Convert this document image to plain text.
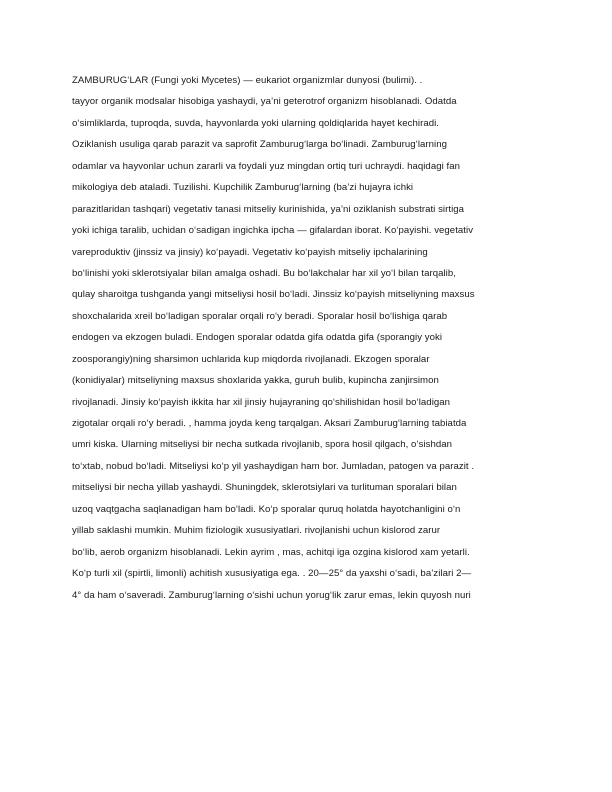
ZAMBURUG‘LAR (Fungi yoki Mycetes) — eukariot organizmlar dunyosi (bulimi). .
tayyor organik modsalar hisobiga yashaydi, ya’ni geterotrof organizm hisoblanadi. Odatda
o‘simliklarda, tuproqda, suvda, hayvonlarda yoki ularning qoldiqlarida hayet kechiradi.
Oziklanish usuliga qarab parazit va saprofit Zamburug‘larga bo‘linadi. Zamburug‘larning
odamlar va hayvonlar uchun zararli va foydali yuz mingdan ortiq turi uchraydi. haqidagi fan
mikologiya deb ataladi. Tuzilishi. Kupchilik Zamburug‘larning (ba’zi hujayra ichki
parazitlaridan tashqari) vegetativ tanasi mitseliy kurinishida, ya’ni oziklanish substrati sirtiga
yoki ichiga taralib, uchidan o‘sadigan ingichka ipcha — gifalardan iborat. Ko‘payishi. vegetativ
vareproduktiv (jinssiz va jinsiy) ko‘payadi. Vegetativ ko‘payish mitseliy ipchalarining
bo‘linishi yoki sklerotsiyalar bilan amalga oshadi. Bu bo‘lakchalar har xil yo‘l bilan tarqalib,
qulay sharoitga tushganda yangi mitseliysi hosil bo‘ladi. Jinssiz ko‘payish mitseliyning maxsus
shoxchalarida xreil bo‘ladigan sporalar orqali ro‘y beradi. Sporalar hosil bo‘lishiga qarab
endogen va ekzogen buladi. Endogen sporalar odatda gifa odatda gifa (sporangiy yoki
zoosporangiy)ning sharsimon uchlarida kup miqdorda rivojlanadi. Ekzogen sporalar
(konidiyalar) mitseliyning maxsus shoxlarida yakka, guruh bulib, kupincha zanjirsimon
rivojlanadi. Jinsiy ko‘payish ikkita har xil jinsiy hujayraning qo‘shilishidan hosil bo‘ladigan
zigotalar orqali ro‘y beradi. , hamma joyda keng tarqalgan. Aksari Zamburug‘larning tabiatda
umri kiska. Ularning mitseliysi bir necha sutkada rivojlanib, spora hosil qilgach, o‘sishdan
to‘xtab, nobud bo‘ladi. Mitseliysi ko‘p yil yashaydigan ham bor. Jumladan, patogen va parazit .
mitseliysi bir necha yillab yashaydi. Shuningdek, sklerotsiylari va turlituman sporalari bilan
uzoq vaqtgacha saqlanadigan ham bo‘ladi. Ko‘p sporalar quruq holatda hayotchanligini o‘n
yillab saklashi mumkin. Muhim fiziologik xususiyatlari. rivojlanishi uchun kislorod zarur
bo‘lib, aerob organizm hisoblanadi. Lekin ayrim , mas, achitqi iga ozgina kislorod xam yetarli.
Ko‘p turli xil (spirtli, limonli) achitish xususiyatiga ega. . 20—25° da yaxshi o‘sadi, ba’zilari 2—
4° da ham o‘saveradi. Zamburug‘larning o‘sishi uchun yorug‘lik zarur emas, lekin quyosh nuri
